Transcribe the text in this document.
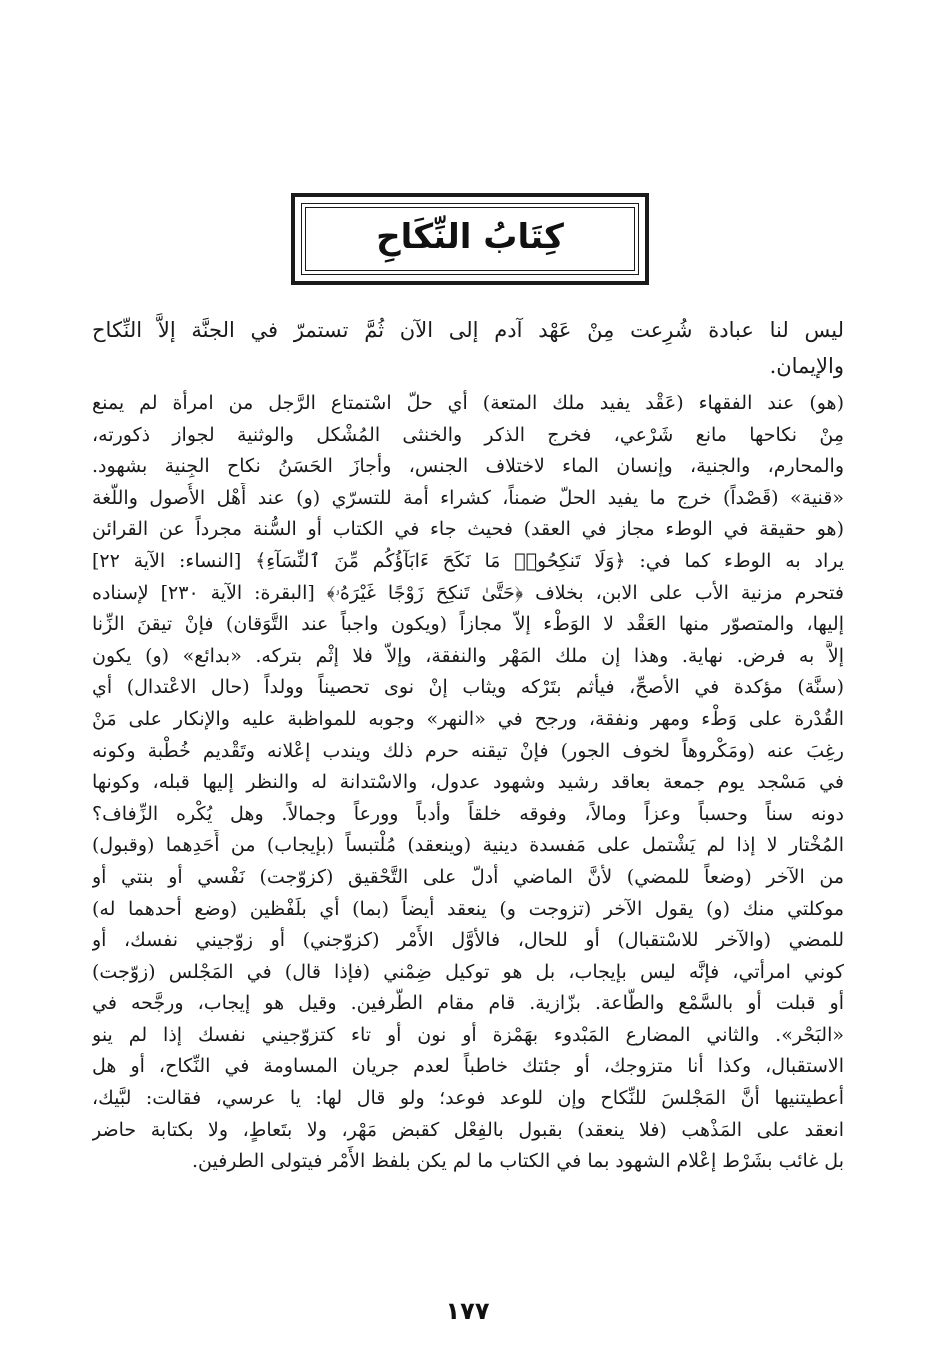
كِتَابُ النِّكَاحِ
ليس لنا عبادة شُرِعت مِنْ عَهْد آدم إلى الآن ثُمَّ تستمرّ في الجنَّة إلاَّ النِّكاح
والإيمان.
(هو) عند الفقهاء (عَقْد يفيد ملك المتعة) أي حلّ اسْتمتاع الرَّجل من امرأة لم يمنع
مِنْ نكاحها مانع شَرْعي، فخرج الذكر والخنثى المُشْكل والوثنية لجواز ذكورته،
والمحارم، والجنية، وإنسان الماء لاختلاف الجنس، وأجازَ الحَسَنُ نكاح الجِنية بشهود.
«قنية» (قَصْداً) خرج ما يفيد الحلّ ضمناً، كشراء أمة للتسرّي (و) عند أَهْل الأُصول واللُّغة
(هو حقيقة في الوطء مجاز في العقد) فحيث جاء في الكتاب أو السُّنة مجرداً عن القرائن
يراد به الوطء كما في: ﴿وَلَا تَنكِحُوا۟ مَا نَكَحَ ءَابَآؤُكُم مِّنَ ٱلنِّسَآءِ﴾ [النساء: الآية ٢٢]
فتحرم مزنية الأب على الابن، بخلاف ﴿حَتَّىٰ تَنكِحَ زَوْجًا غَيْرَهُۥ﴾ [البقرة: الآية ٢٣٠] لإسناده
إليها، والمتصوّر منها العَقْد لا الوَطْء إلاّ مجازاً (ويكون واجباً عند التَّوَقان) فإنْ تيقنَ الزِّنا
إلاَّ به فرض. نهاية. وهذا إن ملك المَهْر والنفقة، وإلاّ فلا إثْم بتركه. «بدائع» (و) يكون
(سنَّة) مؤكدة في الأصحِّ، فيأثم بتَرْكه ويثاب إنْ نوى تحصيناً وولداً (حال الاعْتدال) أي
القُدْرة على وَطْء ومهر ونفقة، ورجح في «النهر» وجوبه للمواظبة عليه والإنكار على مَنْ
رغِبَ عنه (ومَكْروهاً لخوف الجور) فإنْ تيقنه حرم ذلك ويندب إعْلانه وتَقْديم خُطْبة وكونه
في مَسْجد يوم جمعة بعاقد رشيد وشهود عدول، والاسْتدانة له والنظر إليها قبله، وكونها
دونه سناً وحسباً وعزاً ومالاً، وفوقه خلقاً وأدباً وورعاً وجمالاً. وهل يُكْره الزِّفاف؟
المُخْتار لا إذا لم يَشْتمل على مَفسدة دينية (وينعقد) مُلْتبساً (بإيجاب) من أَحَدِهما (وقبول)
من الآخر (وضعاً للمضي) لأنَّ الماضي أدلّ على التَّحْقيق (كزوّجت) نَفْسي أو بنتي أو
موكلتي منك (و) يقول الآخر (تزوجت و) ينعقد أيضاً (بما) أي بلَفْظين (وضع أحدهما له)
للمضي (والآخر للاسْتقبال) أو للحال، فالأوَّل الأَمْر (كزوّجني) أو زوّجيني نفسك، أو
كوني امرأتي، فإنَّه ليس بإيجاب، بل هو توكيل ضِمْني (فإذا قال) في المَجْلس (زوّجت)
أو قبلت أو بالسَّمْع والطَّاعة. بزّازية. قام مقام الطَّرفين. وقيل هو إيجاب، ورجَّحه في
«البَحْر». والثاني المضارع المَبْدوء بهَمْزة أو نون أو تاء كتزوّجيني نفسك إذا لم ينو
الاستقبال، وكذا أنا متزوجك، أو جئتك خاطباً لعدم جريان المساومة في النِّكاح، أو هل
أعطيتنيها أنَّ المَجْلسَ للنِّكاح وإن للوعد فوعد؛ ولو قال لها: يا عرسي، فقالت: لبَّيك،
انعقد على المَذْهب (فلا ينعقد) بقبول بالفِعْل كقبض مَهْر، ولا بتَعاطٍ، ولا بكتابة حاضر
بل غائب بشَرْط إعْلام الشهود بما في الكتاب ما لم يكن بلفظ الأَمْر فيتولى الطرفين.
١٧٧
